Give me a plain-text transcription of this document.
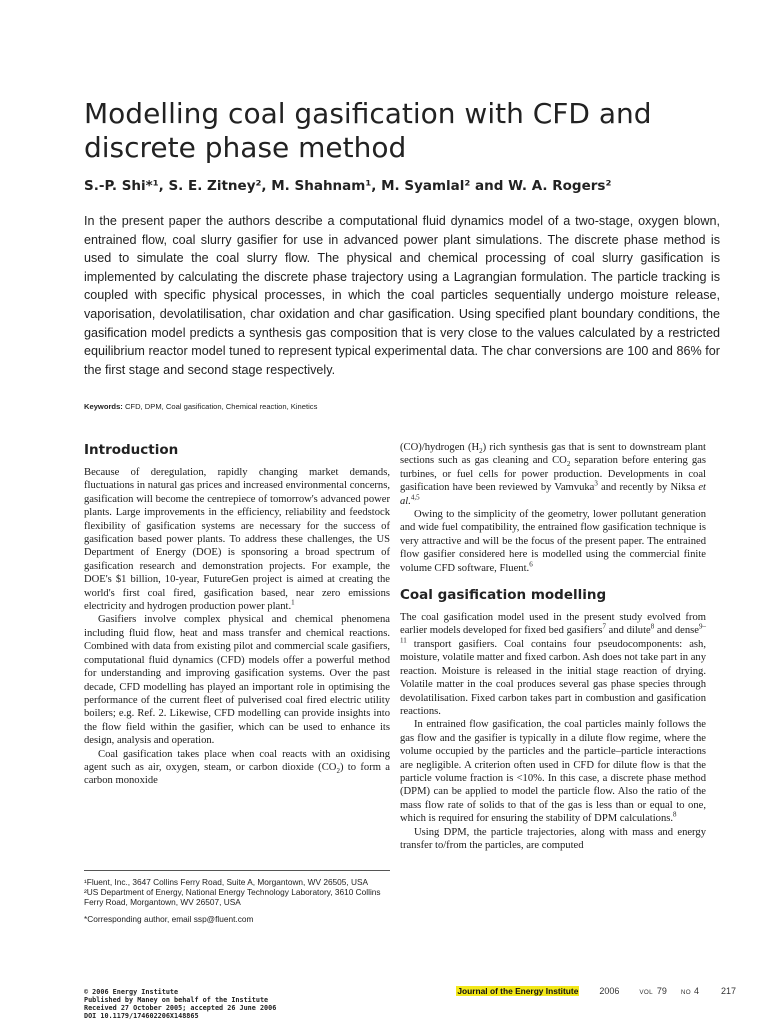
Modelling coal gasification with CFD and discrete phase method
S.-P. Shi*¹, S. E. Zitney², M. Shahnam¹, M. Syamlal² and W. A. Rogers²

In the present paper the authors describe a computational fluid dynamics model of a two-stage, oxygen blown, entrained flow, coal slurry gasifier for use in advanced power plant simulations. The discrete phase method is used to simulate the coal slurry flow. The physical and chemical processing of coal slurry gasification is implemented by calculating the discrete phase trajectory using a Lagrangian formulation. The particle tracking is coupled with specific physical processes, in which the coal particles sequentially undergo moisture release, vaporisation, devolatilisation, char oxidation and char gasification. Using specified plant boundary conditions, the gasification model predicts a synthesis gas composition that is very close to the values calculated by a restricted equilibrium reactor model tuned to represent typical experimental data. The char conversions are 100 and 86% for the first stage and second stage respectively.

Keywords: CFD, DPM, Coal gasification, Chemical reaction, Kinetics
Introduction

Because of deregulation, rapidly changing market demands, fluctuations in natural gas prices and increased environmental concerns, gasification will become the centrepiece of tomorrow's advanced power plants. Large improvements in the efficiency, reliability and feedstock flexibility of gasification systems are necessary for the success of gasification based power plants. To address these challenges, the US Department of Energy (DOE) is sponsoring a broad spectrum of gasification research and demonstration projects. For example, the DOE's $1 billion, 10-year, FutureGen project is aimed at creating the world's first coal fired, gasification based, near zero emissions electricity and hydrogen production power plant.$^1$

Gasifiers involve complex physical and chemical phenomena including fluid flow, heat and mass transfer and chemical reactions. Combined with data from existing pilot and commercial scale gasifiers, computational fluid dynamics (CFD) models offer a powerful method for understanding and improving gasification systems. Over the past decade, CFD modelling has played an important role in optimising the performance of the current fleet of pulverised coal fired electric utility boilers; e.g. Ref. 2. Likewise, CFD modelling can provide insights into the flow field within the gasifier, which can be used to enhance its design, analysis and operation.

Coal gasification takes place when coal reacts with an oxidising agent such as air, oxygen, steam, or carbon dioxide $(CO_2)$ to form a carbon monoxide

(CO)/hydrogen $(H_2)$ rich synthesis gas that is sent to downstream plant sections such as gas cleaning and $CO_2$ separation before entering gas turbines, or fuel cells for power production. Developments in coal gasification have been reviewed by Vamvuka$^3$ and recently by Niksa et al.$^{4,5}$

Owing to the simplicity of the geometry, lower pollutant generation and wide fuel compatibility, the entrained flow gasification technique is very attractive and will be the focus of the present paper. The entrained flow gasifier considered here is modelled using the commercial finite volume CFD software, Fluent.$^6$

Coal gasification modelling

The coal gasification model used in the present study evolved from earlier models developed for fixed bed gasifiers$^7$ and dilute$^8$ and dense$^{9-11}$ transport gasifiers. Coal contains four pseudocomponents: ash, moisture, volatile matter and fixed carbon. Ash does not take part in any reaction. Moisture is released in the initial stage reaction of drying. Volatile matter in the coal produces several gas phase species through devolatilisation. Fixed carbon takes part in combustion and gasification reactions.

In entrained flow gasification, the coal particles mainly follows the gas flow and the gasifier is typically in a dilute flow regime, where the volume occupied by the particles and the particle–particle interactions are negligible. A criterion often used in CFD for dilute flow is that the particle volume fraction is <10%. In this case, a discrete phase method (DPM) can be applied to model the particle flow. Also the ratio of the mass flow rate of solids to that of the gas is less than or equal to one, which is required for ensuring the stability of DPM calculations.$^8$

Using DPM, the particle trajectories, along with mass and energy transfer to/from the particles, are computed

¹Fluent, Inc., 3647 Collins Ferry Road, Suite A, Morgantown, WV 26505, USA

²US Department of Energy, National Energy Technology Laboratory, 3610 Collins Ferry Road, Morgantown, WV 26507, USA

*Corresponding author, email ssp@fluent.com

© 2006 Energy Institute
Published by Maney on behalf of the Institute
Received 27 October 2005; accepted 26 June 2006
DOI 10.1179/174602206X148865
Journal of the Energy Institute 2006	VOL 79 NO 4 217
